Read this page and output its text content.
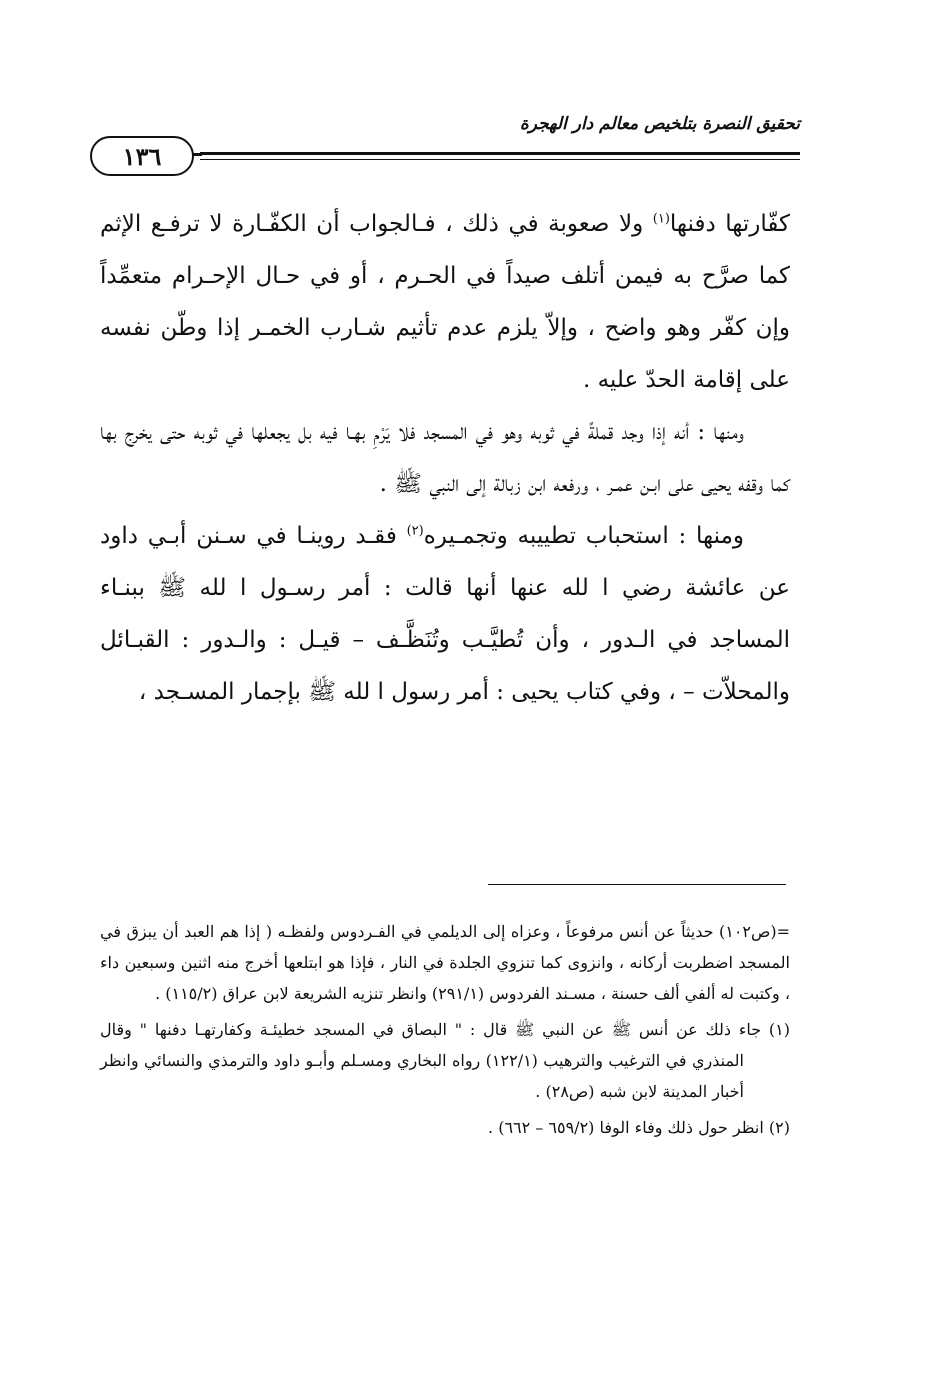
تحقيق النصرة بتلخيص معالم دار الهجرة
١٣٦

كفّارتها دفنها$^{(١)}$ ولا صعوبة في ذلك ، فـالجواب أن الكفّـارة لا ترفـع الإثم كما صرَّح به فيمن أتلف صيداً في الحـرم ، أو في حـال الإحـرام متعمِّداً وإن كفّر وهو واضح ، وإلاّ يلزم عدم تأثيم شـارب الخمـر إذا وطّن نفسه على إقامة الحدّ عليه .

ومنها : أنه إذا وجد قملةً في ثوبه وهو في المسجد فلا يَرْمِ بهـا فيه بل يجعلها في ثوبه حتى يخرج بها كما وقفه يحيى على ابـن عمـر ، ورفعه ابن زبالة إلى النبي ﷺ .

ومنها : استحباب تطييبه وتجمـيره$^{(٢)}$ فقـد روينـا في سـنن أبـي داود عن عائشة رضي ا لله عنها أنها قالت : أمر رسـول ا لله ﷺ ببنـاء المساجد في الـدور ، وأن تُطيَّـب وتُنَظَّـف – قيـل : والـدور : القبـائل والمحلاّت – ، وفي كتاب يحيى : أمر رسول ا لله ﷺ بإجمار المسـجد ،

=(ص١٠٢) حديثاً عن أنس مرفوعاً ، وعزاه إلى الديلمي في الفـردوس ولفظـه ( إذا هم العبد أن يبزق في المسجد اضطربت أركانه ، وانزوى كما تنزوي الجلدة في النار ، فإذا هو ابتلعها أخرج منه اثنين وسبعين داء ، وكتبت له ألفي ألف حسنة ، مسـند الفردوس (٢٩١/١) وانظر تنزيه الشريعة لابن عراق (١١٥/٢) .

(١) جاء ذلك عن أنس ﷺ عن النبي ﷺ قال : " البصاق في المسجد خطيئـة وكفارتهـا دفنها " وقال المنذري في الترغيب والترهيب (١٢٢/١) رواه البخاري ومسـلم وأبـو داود والترمذي والنسائي وانظر أخبار المدينة لابن شبه (ص٢٨) .

(٢) انظر حول ذلك وفاء الوفا (٦٥٩/٢ – ٦٦٢) .
